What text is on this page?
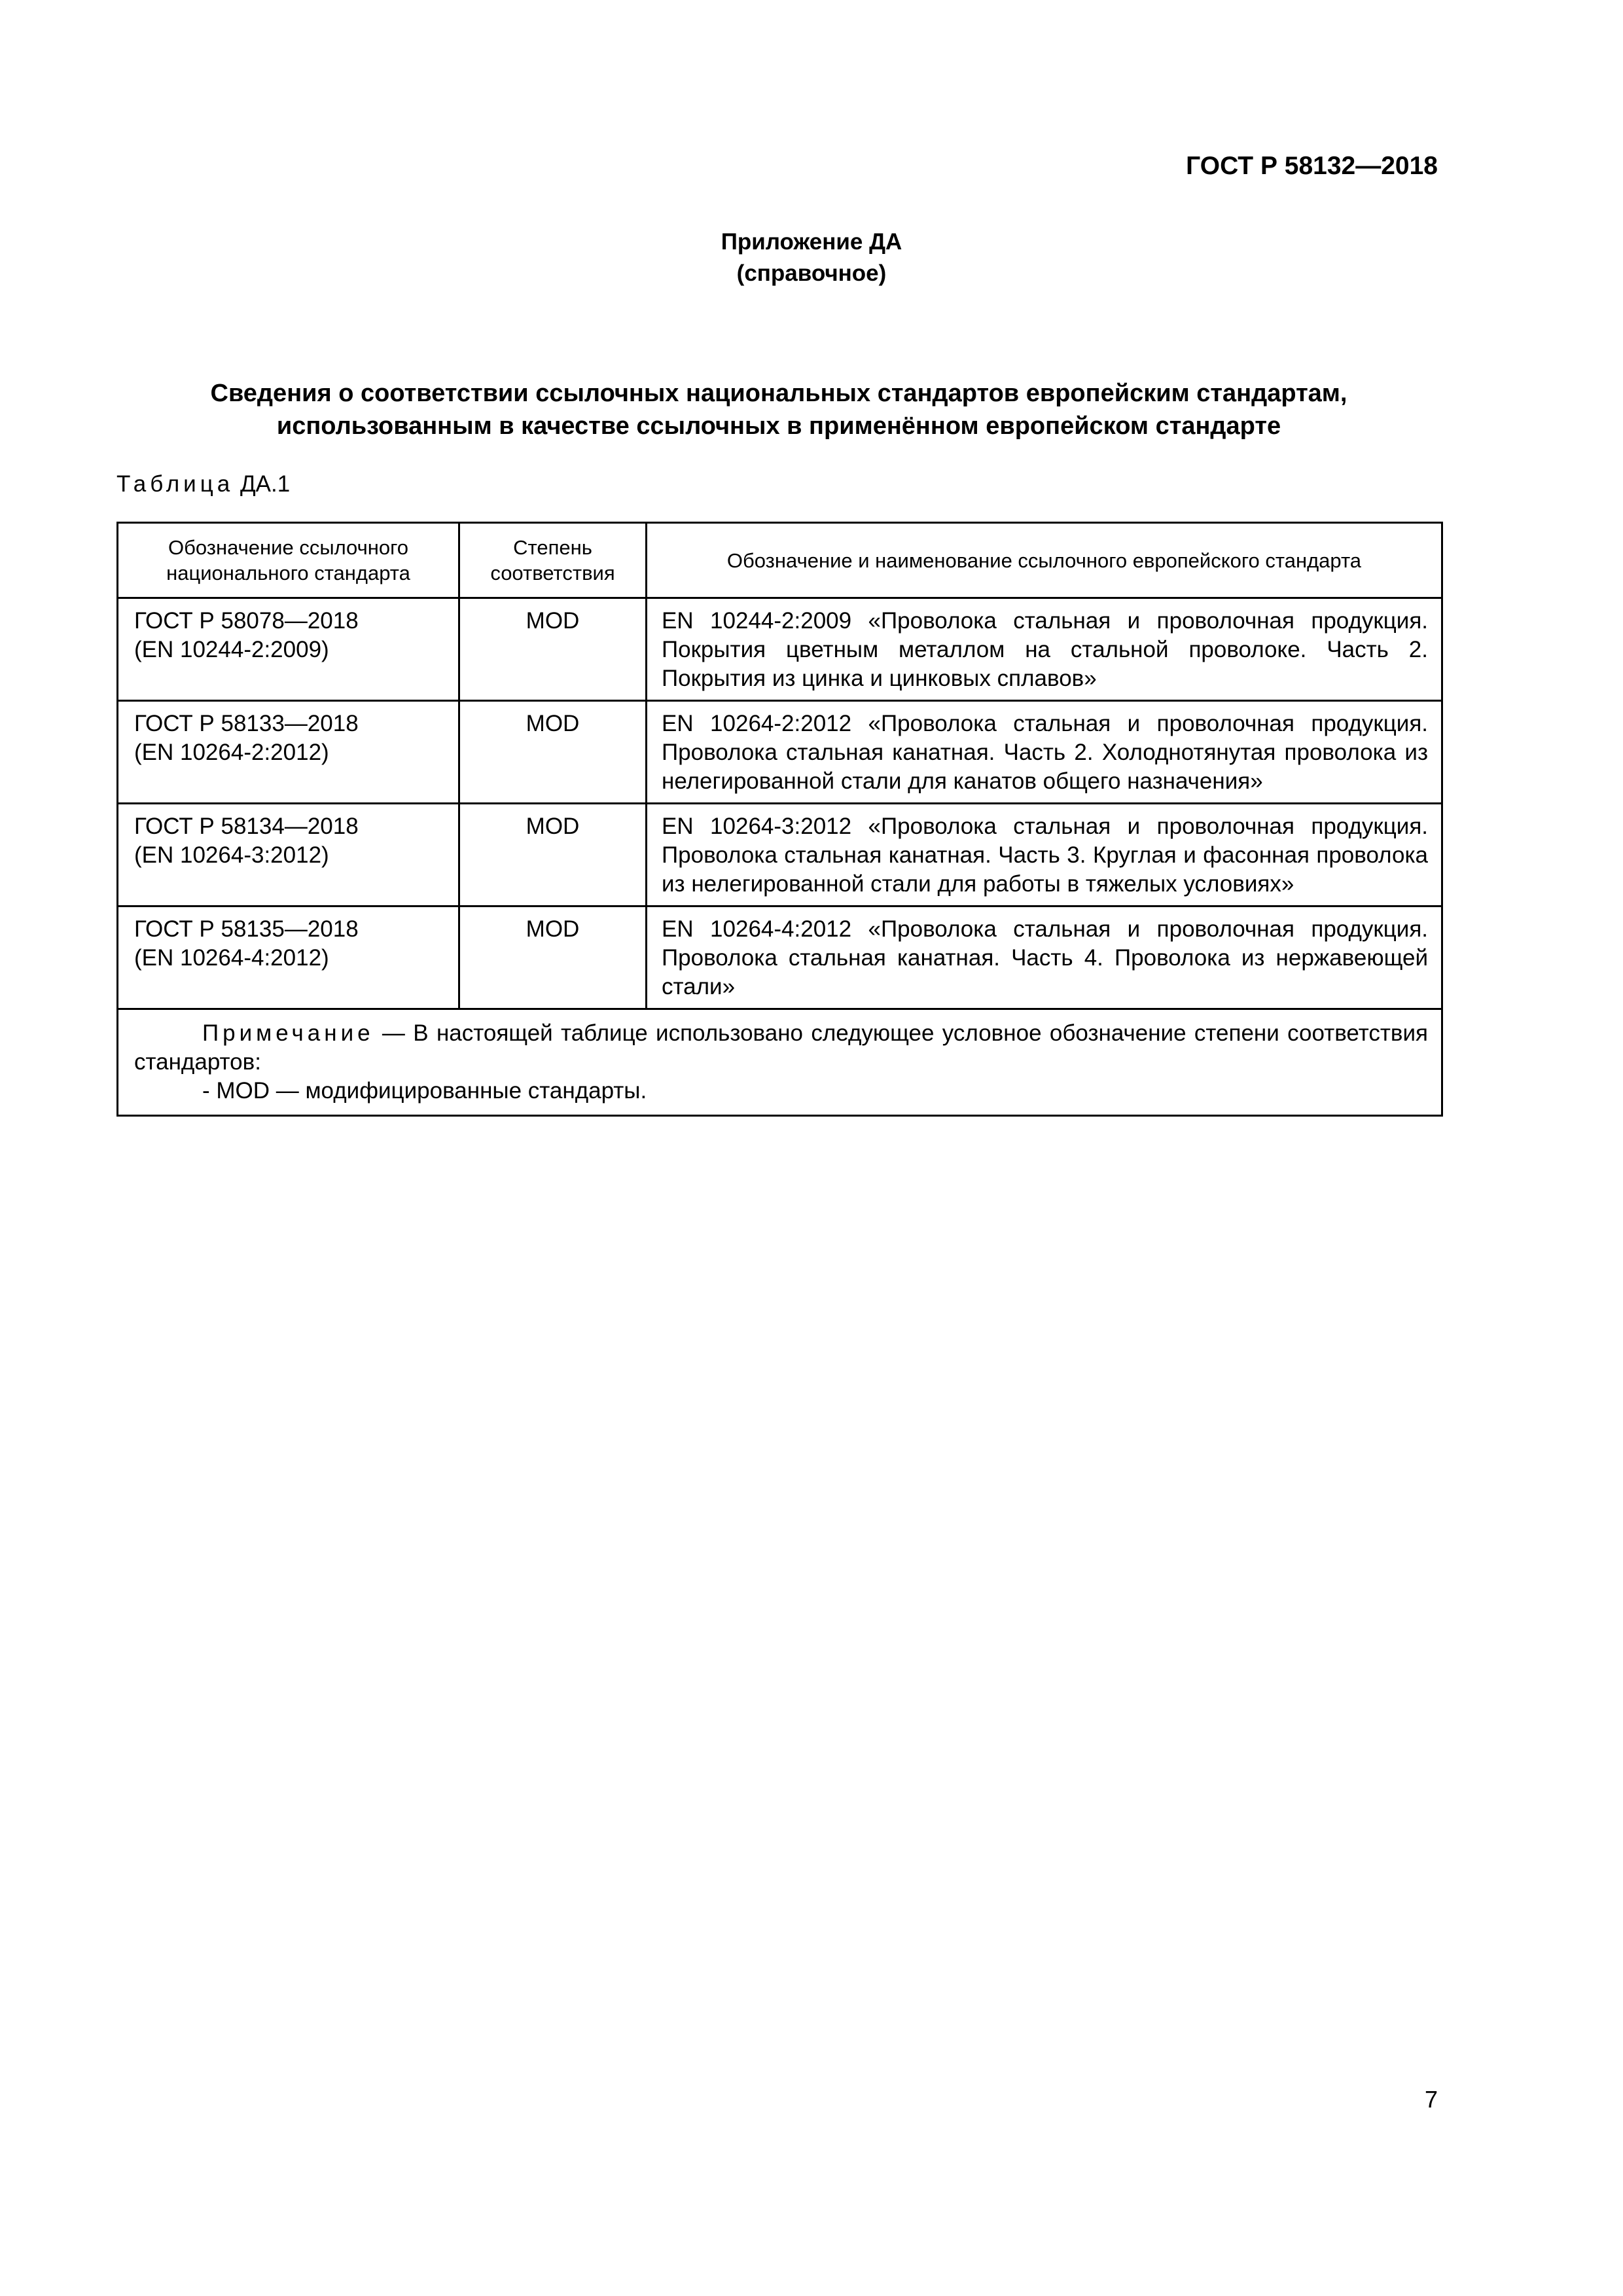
ГОСТ Р 58132—2018
Приложение ДА
(справочное)
Сведения о соответствии ссылочных национальных стандартов европейским стандартам,
использованным в качестве ссылочных в применённом европейском стандарте
Таблица ДА.1
Обозначение ссылочного национального стандарта	Степень соответствия	Обозначение и наименование ссылочного европейского стандарта

ГОСТ Р 58078—2018
(EN 10244-2:2009)	MOD	EN 10244-2:2009 «Проволока стальная и проволочная продукция. Покрытия цветным металлом на стальной проволоке. Часть 2. Покрытия из цинка и цинковых сплавов»

ГОСТ Р 58133—2018
(EN 10264-2:2012)	MOD	EN 10264-2:2012 «Проволока стальная и проволочная продукция. Проволока стальная канатная. Часть 2. Холоднотянутая проволока из нелегированной стали для канатов общего назначения»

ГОСТ Р 58134—2018
(EN 10264-3:2012)	MOD	EN 10264-3:2012 «Проволока стальная и проволочная продукция. Проволока стальная канатная. Часть 3. Круглая и фасонная проволока из нелегированной стали для работы в тяжелых условиях»

ГОСТ Р 58135—2018
(EN 10264-4:2012)	MOD	EN 10264-4:2012 «Проволока стальная и проволочная продукция. Проволока стальная канатная. Часть 4. Проволока из нержавеющей стали»

Примечание — В настоящей таблице использовано следующее условное обозначение степени соответствия стандартов:
- MOD — модифицированные стандарты.		
7
